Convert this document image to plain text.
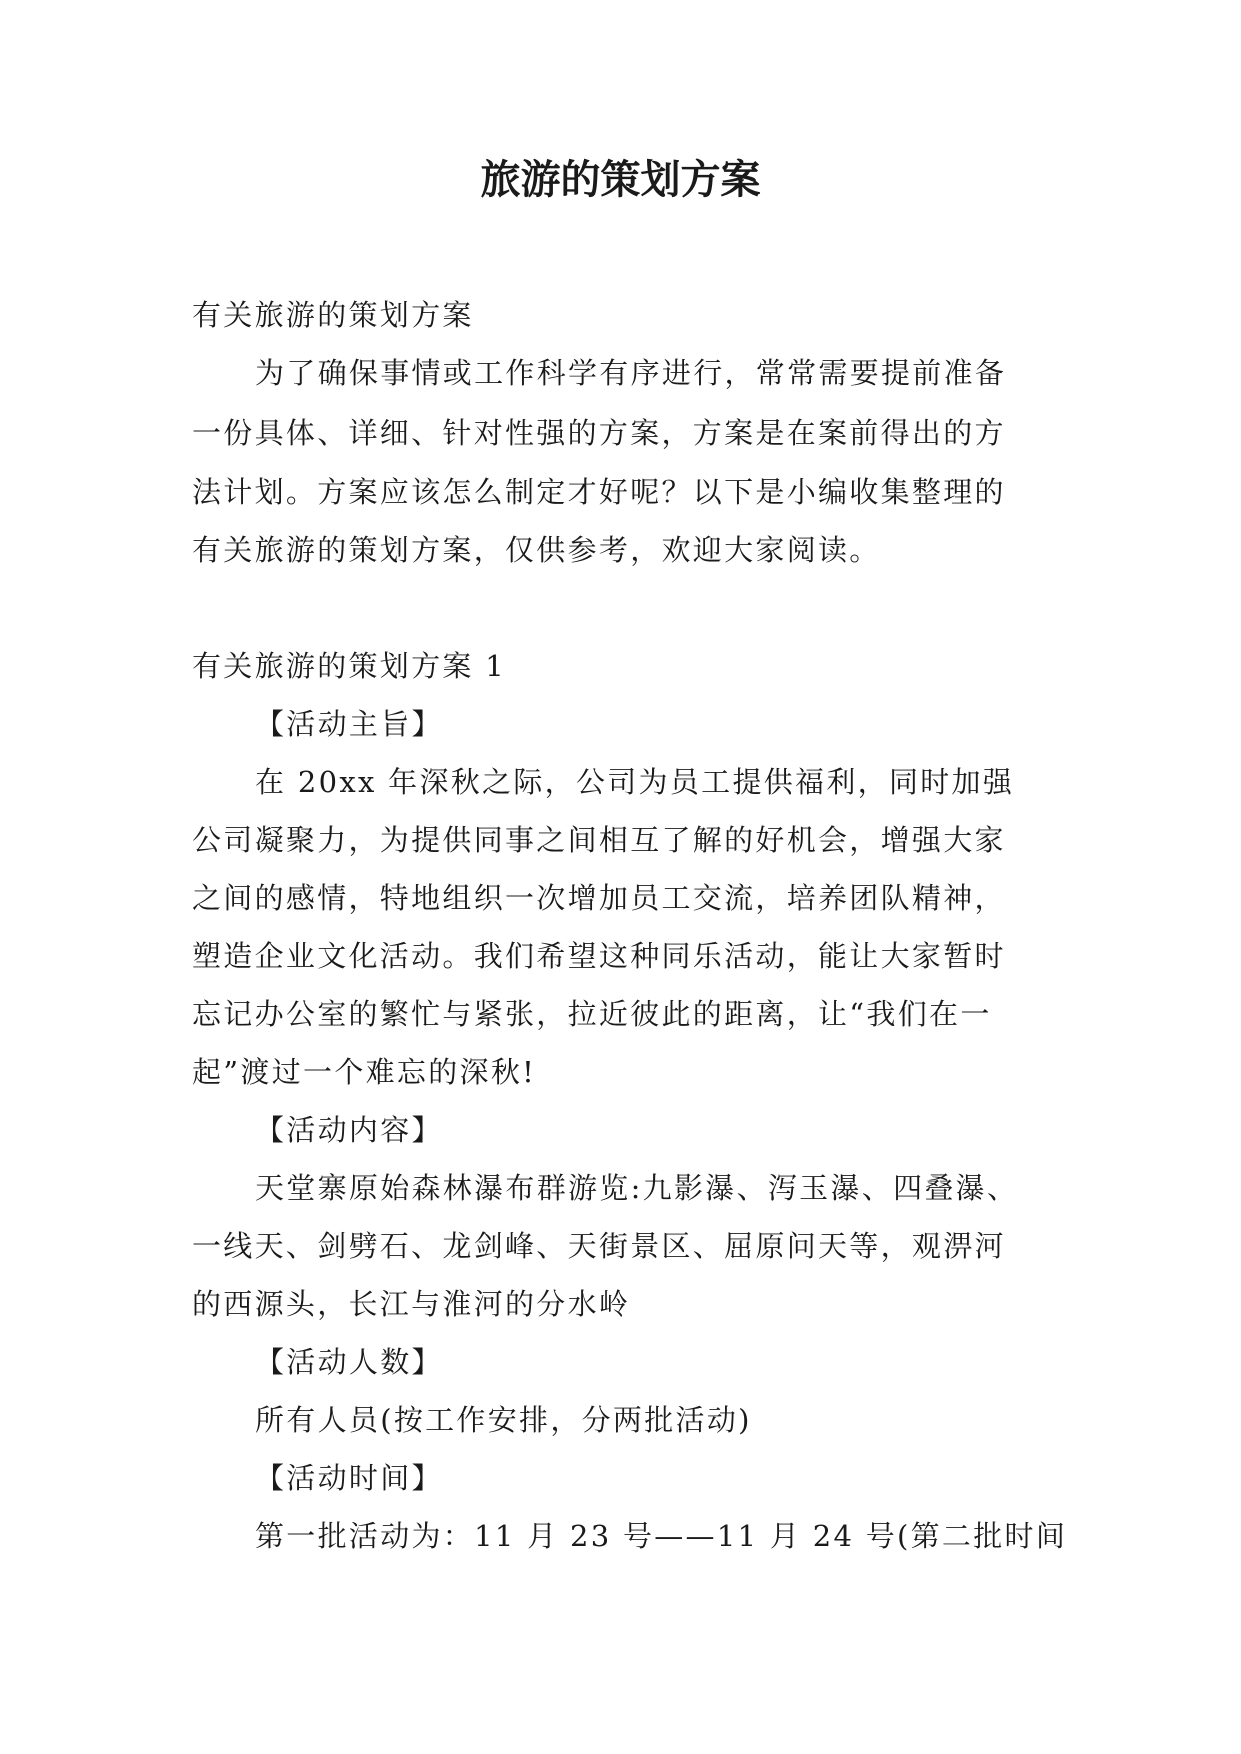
旅游的策划方案
有关旅游的策划方案
为了确保事情或工作科学有序进行，常常需要提前准备
一份具体、详细、针对性强的方案，方案是在案前得出的方
法计划。方案应该怎么制定才好呢？以下是小编收集整理的
有关旅游的策划方案，仅供参考，欢迎大家阅读。
有关旅游的策划方案 1
【活动主旨】
在 20xx 年深秋之际，公司为员工提供福利，同时加强
公司凝聚力，为提供同事之间相互了解的好机会，增强大家
之间的感情，特地组织一次增加员工交流，培养团队精神，
塑造企业文化活动。我们希望这种同乐活动，能让大家暂时
忘记办公室的繁忙与紧张，拉近彼此的距离，让“我们在一
起”渡过一个难忘的深秋!
【活动内容】
天堂寨原始森林瀑布群游览:九影瀑、泻玉瀑、四叠瀑、
一线天、剑劈石、龙剑峰、天街景区、屈原问天等，观淠河
的西源头，长江与淮河的分水岭
【活动人数】
所有人员(按工作安排，分两批活动)
【活动时间】
第一批活动为：11 月 23 号——11 月 24 号(第二批时间
